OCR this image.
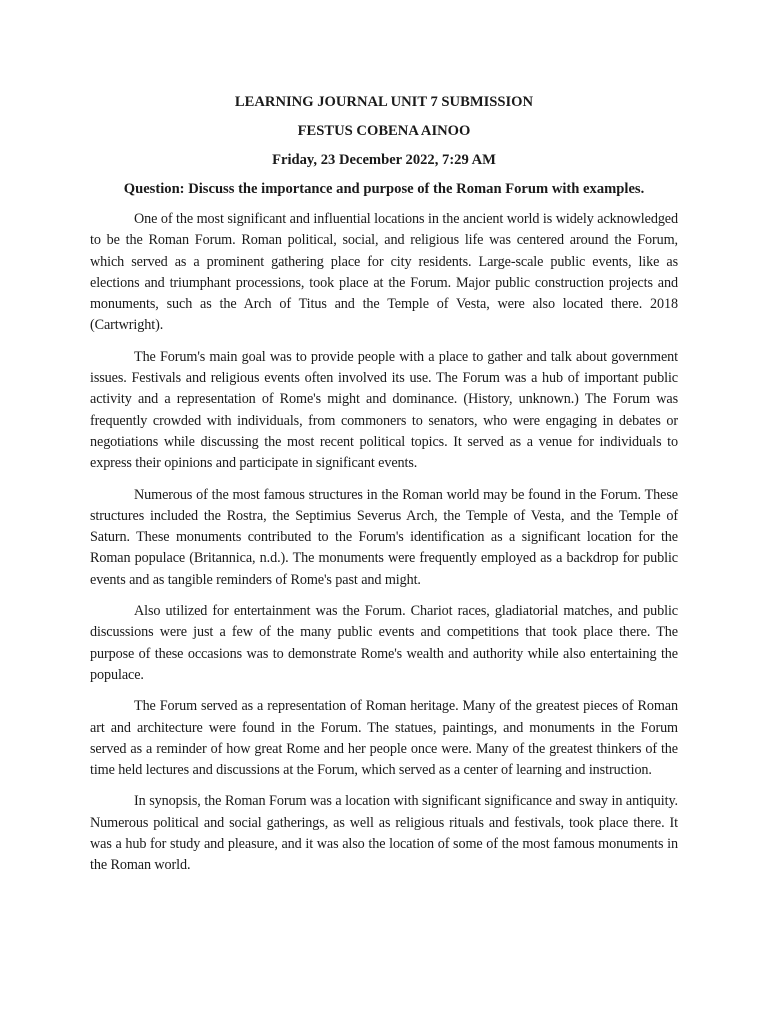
LEARNING JOURNAL UNIT 7 SUBMISSION

FESTUS COBENA AINOO

Friday, 23 December 2022, 7:29 AM

Question: Discuss the importance and purpose of the Roman Forum with examples.

One of the most significant and influential locations in the ancient world is widely acknowledged to be the Roman Forum. Roman political, social, and religious life was centered around the Forum, which served as a prominent gathering place for city residents. Large-scale public events, like as elections and triumphant processions, took place at the Forum. Major public construction projects and monuments, such as the Arch of Titus and the Temple of Vesta, were also located there. 2018 (Cartwright).

The Forum's main goal was to provide people with a place to gather and talk about government issues. Festivals and religious events often involved its use. The Forum was a hub of important public activity and a representation of Rome's might and dominance. (History, unknown.) The Forum was frequently crowded with individuals, from commoners to senators, who were engaging in debates or negotiations while discussing the most recent political topics. It served as a venue for individuals to express their opinions and participate in significant events.

Numerous of the most famous structures in the Roman world may be found in the Forum. These structures included the Rostra, the Septimius Severus Arch, the Temple of Vesta, and the Temple of Saturn. These monuments contributed to the Forum's identification as a significant location for the Roman populace (Britannica, n.d.). The monuments were frequently employed as a backdrop for public events and as tangible reminders of Rome's past and might.

Also utilized for entertainment was the Forum. Chariot races, gladiatorial matches, and public discussions were just a few of the many public events and competitions that took place there. The purpose of these occasions was to demonstrate Rome's wealth and authority while also entertaining the populace.

The Forum served as a representation of Roman heritage. Many of the greatest pieces of Roman art and architecture were found in the Forum. The statues, paintings, and monuments in the Forum served as a reminder of how great Rome and her people once were. Many of the greatest thinkers of the time held lectures and discussions at the Forum, which served as a center of learning and instruction.

In synopsis, the Roman Forum was a location with significant significance and sway in antiquity. Numerous political and social gatherings, as well as religious rituals and festivals, took place there. It was a hub for study and pleasure, and it was also the location of some of the most famous monuments in the Roman world.
